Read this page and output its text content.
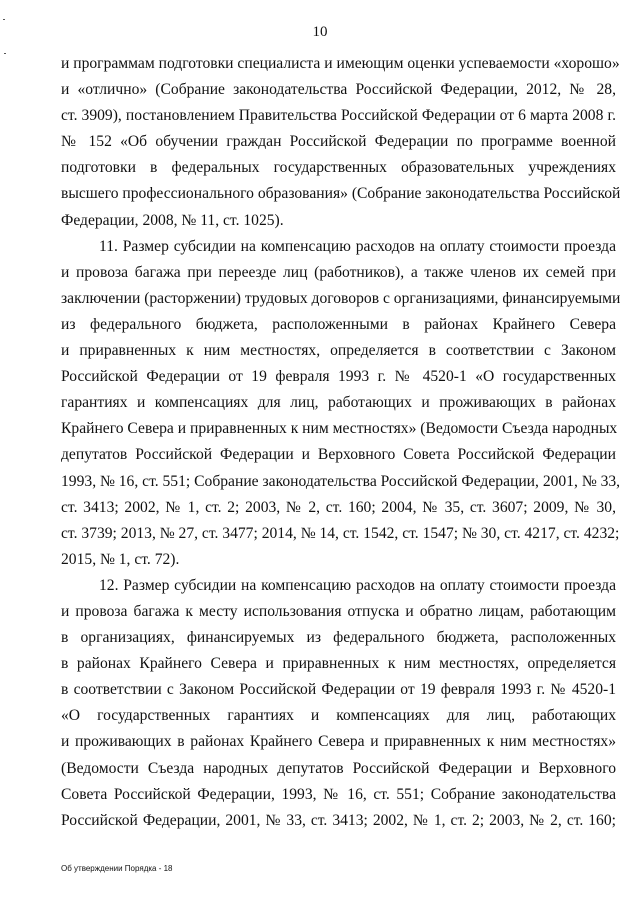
10
и программам подготовки специалиста и имеющим оценки успеваемости «хорошо»
и «отлично» (Собрание законодательства Российской Федерации, 2012, № 28,
ст. 3909), постановлением Правительства Российской Федерации от 6 марта 2008 г.
№ 152 «Об обучении граждан Российской Федерации по программе военной
подготовки в федеральных государственных образовательных учреждениях
высшего профессионального образования» (Собрание законодательства Российской
Федерации, 2008, № 11, ст. 1025).
11. Размер субсидии на компенсацию расходов на оплату стоимости проезда
и провоза багажа при переезде лиц (работников), а также членов их семей при
заключении (расторжении) трудовых договоров с организациями, финансируемыми
из федерального бюджета, расположенными в районах Крайнего Севера
и приравненных к ним местностях, определяется в соответствии с Законом
Российской Федерации от 19 февраля 1993 г. № 4520-1 «О государственных
гарантиях и компенсациях для лиц, работающих и проживающих в районах
Крайнего Севера и приравненных к ним местностях» (Ведомости Съезда народных
депутатов Российской Федерации и Верховного Совета Российской Федерации
1993, № 16, ст. 551; Собрание законодательства Российской Федерации, 2001, № 33,
ст. 3413; 2002, № 1, ст. 2; 2003, № 2, ст. 160; 2004, № 35, ст. 3607; 2009, № 30,
ст. 3739; 2013, № 27, ст. 3477; 2014, № 14, ст. 1542, ст. 1547; № 30, ст. 4217, ст. 4232;
2015, № 1, ст. 72).
12. Размер субсидии на компенсацию расходов на оплату стоимости проезда
и провоза багажа к месту использования отпуска и обратно лицам, работающим
в организациях, финансируемых из федерального бюджета, расположенных
в районах Крайнего Севера и приравненных к ним местностях, определяется
в соответствии с Законом Российской Федерации от 19 февраля 1993 г. № 4520-1
«О государственных гарантиях и компенсациях для лиц, работающих
и проживающих в районах Крайнего Севера и приравненных к ним местностях»
(Ведомости Съезда народных депутатов Российской Федерации и Верховного
Совета Российской Федерации, 1993, № 16, ст. 551; Собрание законодательства
Российской Федерации, 2001, № 33, ст. 3413; 2002, № 1, ст. 2; 2003, № 2, ст. 160;
Об утверждении Порядка - 18
